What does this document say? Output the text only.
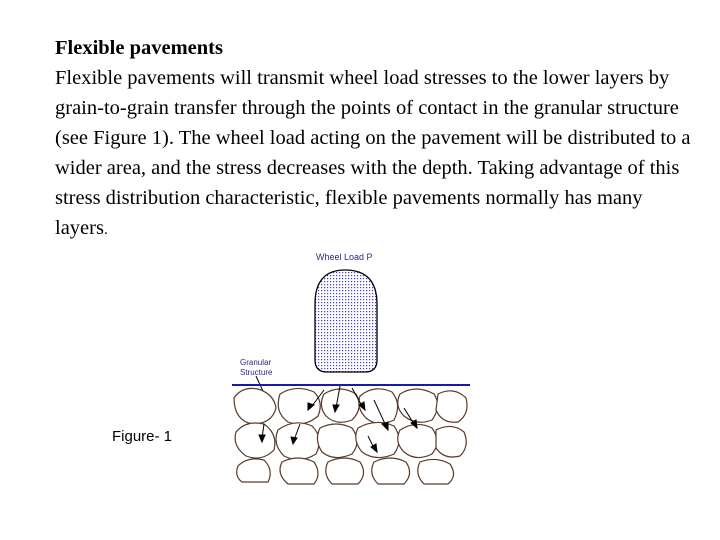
Flexible pavements
Flexible pavements will transmit wheel load stresses to the lower layers by grain-to-grain transfer through the points of contact in the granular structure (see Figure 1). The wheel load acting on the pavement will be distributed to a wider area, and the stress decreases with the depth. Taking advantage of this stress distribution characteristic, flexible pavements normally has many layers.
Figure- 1
Wheel Load P
Granular
Structure
